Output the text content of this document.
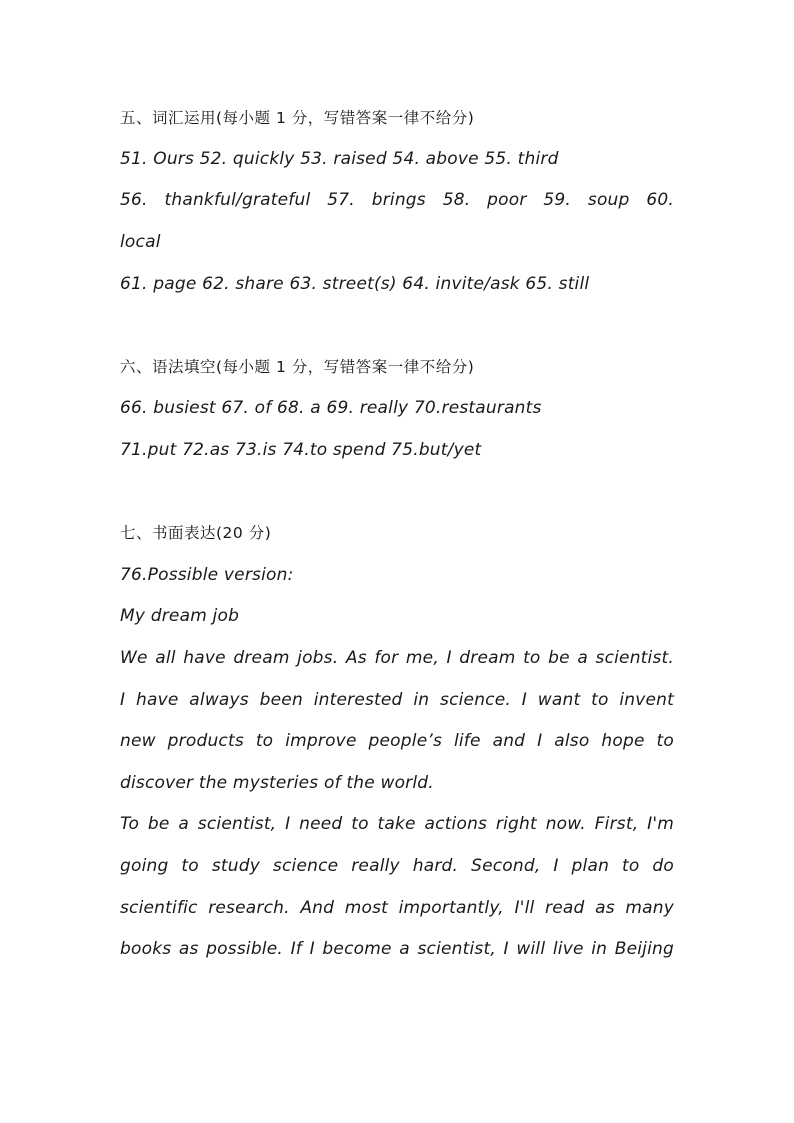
五、词汇运用(每小题 1 分，写错答案一律不给分)
51. Ours 52. quickly 53. raised 54. above 55. third
56. thankful/grateful 57. brings 58. poor 59. soup 60.
local
61. page 62. share 63. street(s) 64. invite/ask 65. still
六、语法填空(每小题 1 分，写错答案一律不给分)
66. busiest 67. of 68. a 69. really 70.restaurants
71.put 72.as 73.is 74.to spend 75.but/yet
七、书面表达(20 分)
76.Possible version:
My dream job
We all have dream jobs. As for me, I dream to be a scientist.
I have always been interested in science. I want to invent
new products to improve people’s life and I also hope to
discover the mysteries of the world.
To be a scientist, I need to take actions right now. First, I'm
going to study science really hard. Second, I plan to do
scientific research. And most importantly, I'll read as many
books as possible. If I become a scientist, I will live in Beijing
